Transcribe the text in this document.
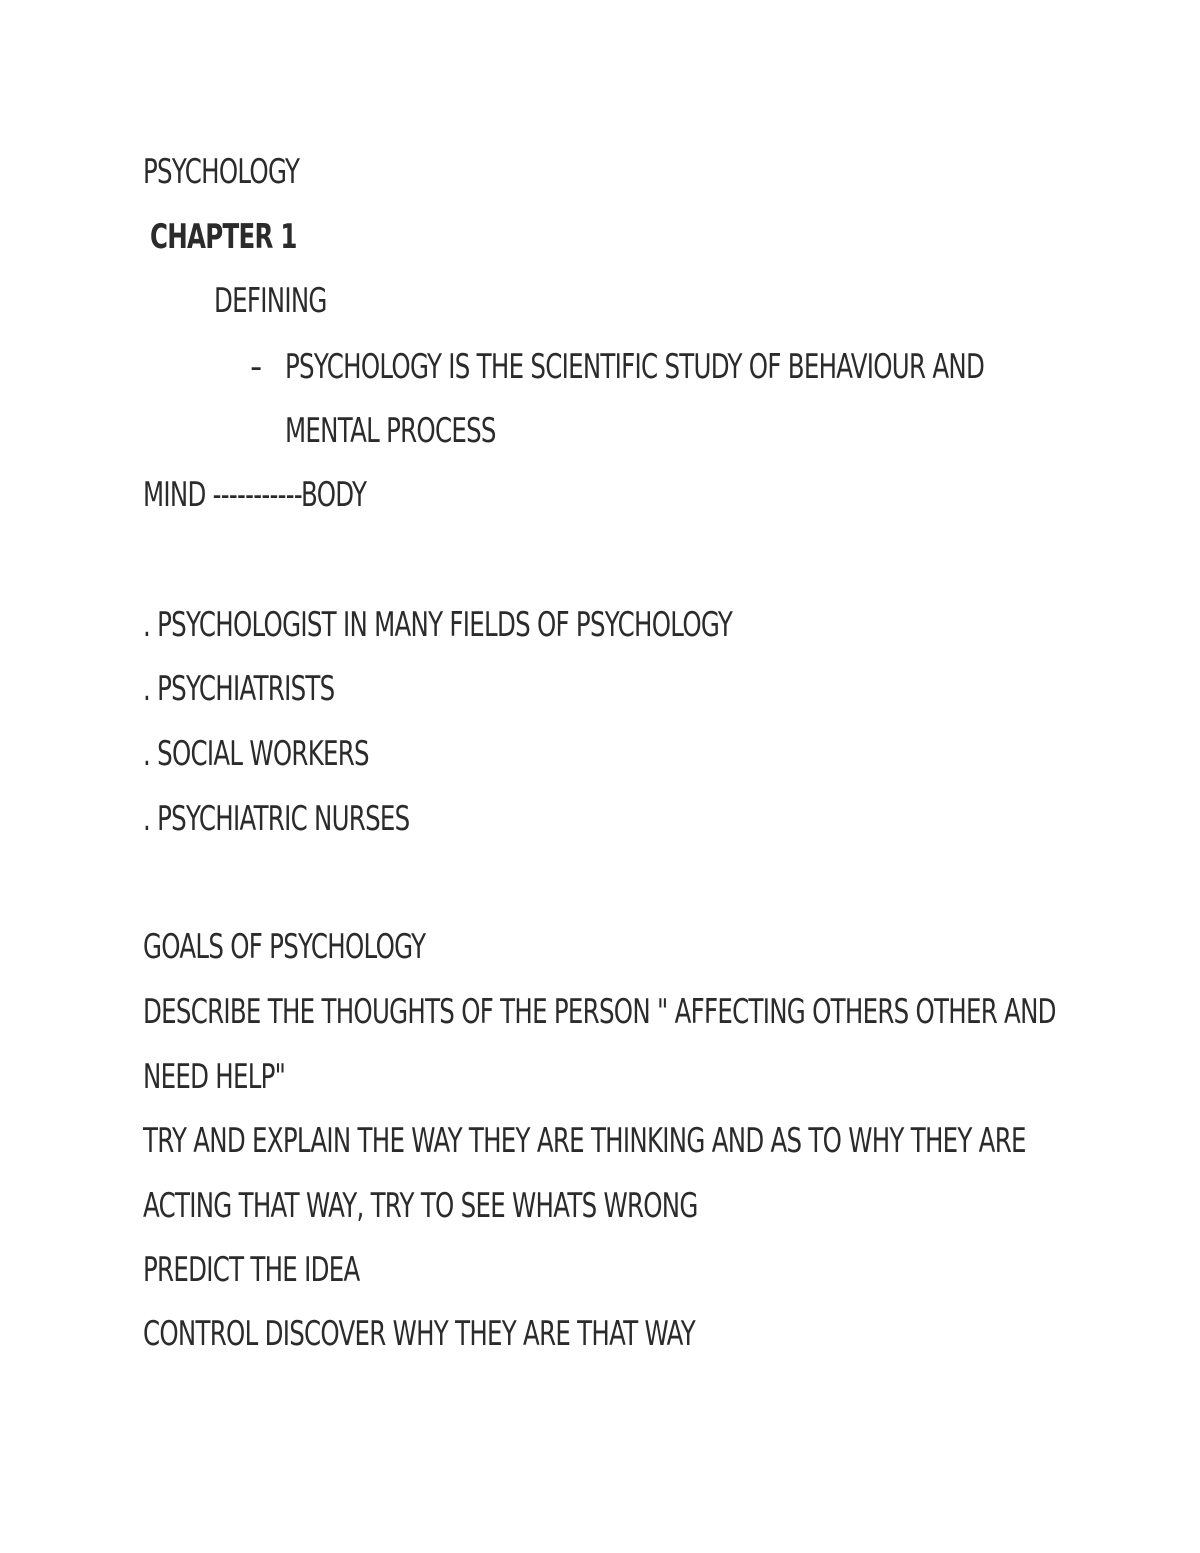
PSYCHOLOGY
CHAPTER 1
DEFINING
- PSYCHOLOGY IS THE SCIENTIFIC STUDY OF BEHAVIOUR AND
MENTAL PROCESS
MIND -----------BODY
. PSYCHOLOGIST IN MANY FIELDS OF PSYCHOLOGY
. PSYCHIATRISTS
. SOCIAL WORKERS
. PSYCHIATRIC NURSES
GOALS OF PSYCHOLOGY
DESCRIBE THE THOUGHTS OF THE PERSON " AFFECTING OTHERS OTHER AND
NEED HELP"
TRY AND EXPLAIN THE WAY THEY ARE THINKING AND AS TO WHY THEY ARE
ACTING THAT WAY, TRY TO SEE WHATS WRONG
PREDICT THE IDEA
CONTROL DISCOVER WHY THEY ARE THAT WAY
